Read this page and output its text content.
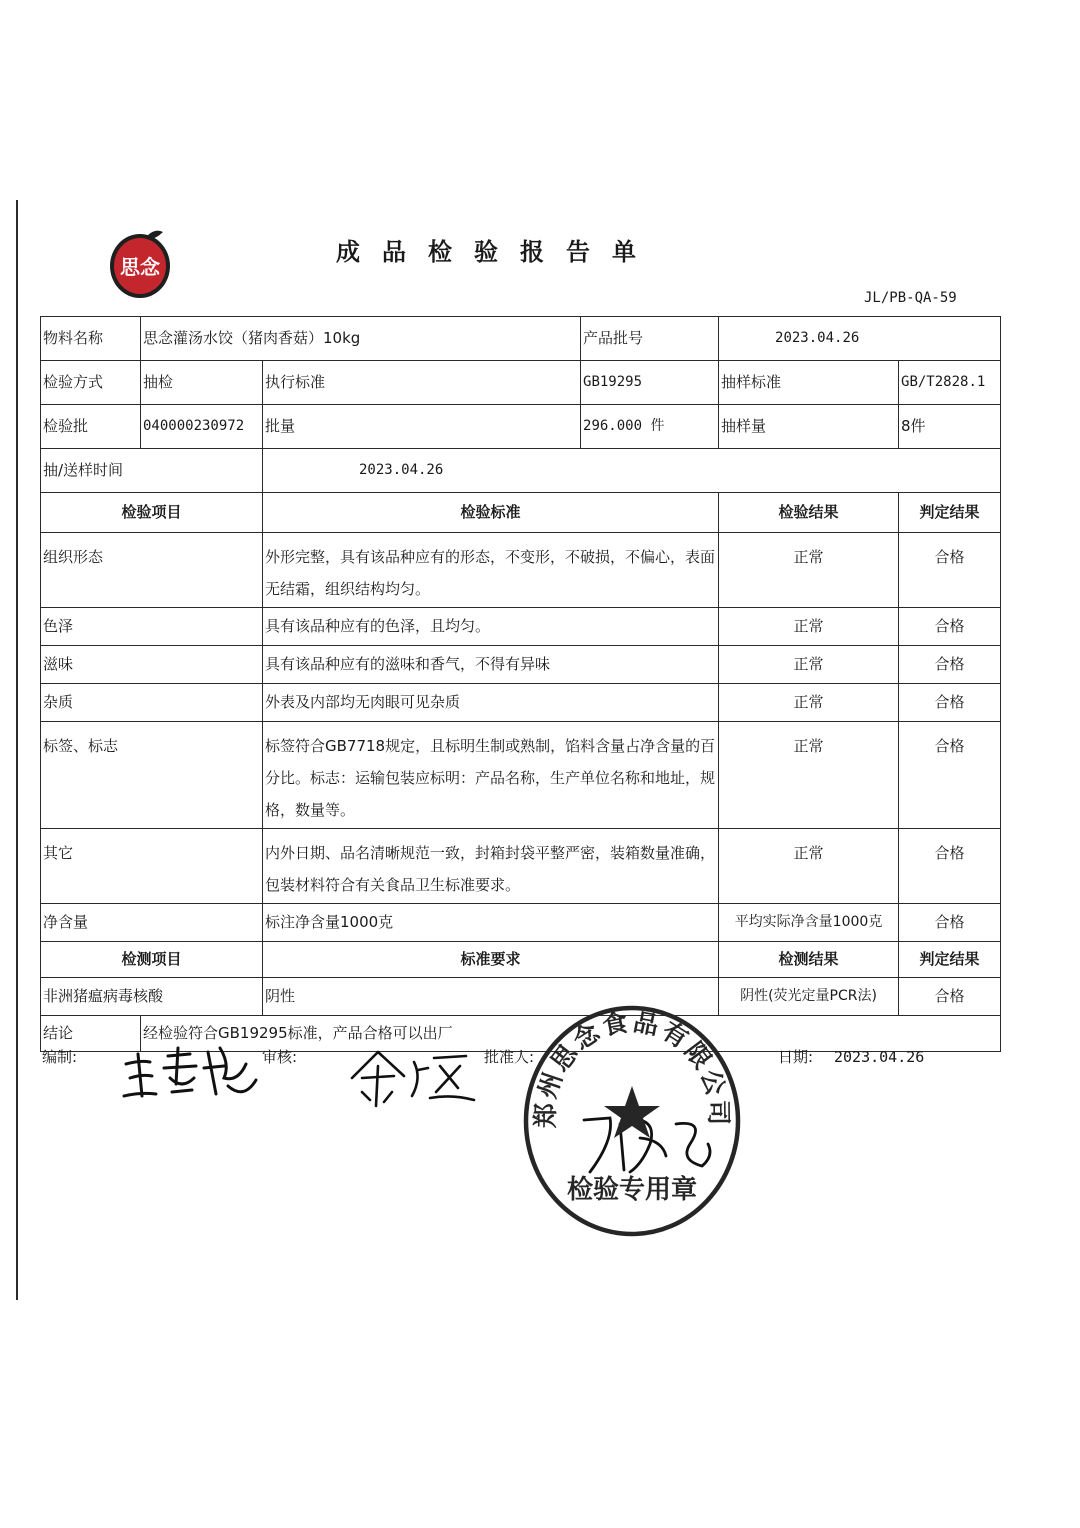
思念
成品检验报告单
JL/PB-QA-59
物料名称	思念灌汤水饺（猪肉香菇）10kg		产品批号	2023.04.26	
检验方式	抽检	执行标准	GB19295	抽样标准	GB/T2828.1
检验批	040000230972	批量	296.000 件	抽样量	8件
抽/送样时间		2023.04.26			
检验项目		检验标准		检验结果	判定结果
组织形态		外形完整，具有该品种应有的形态，不变形，不破损，不偏心，表面无结霜，组织结构均匀。		正常	合格
色泽		具有该品种应有的色泽，且均匀。		正常	合格
滋味		具有该品种应有的滋味和香气，不得有异味		正常	合格
杂质		外表及内部均无肉眼可见杂质		正常	合格
标签、标志		标签符合GB7718规定，且标明生制或熟制，馅料含量占净含量的百分比。标志：运输包装应标明：产品名称，生产单位名称和地址，规格，数量等。		正常	合格
其它		内外日期、品名清晰规范一致，封箱封袋平整严密，装箱数量准确，包装材料符合有关食品卫生标准要求。		正常	合格
净含量		标注净含量1000克		平均实际净含量1000克	合格
检测项目		标准要求		检测结果	判定结果
非洲猪瘟病毒核酸		阴性		阴性(荧光定量PCR法)	合格
结论	经检验符合GB19295标准，产品合格可以出厂				
编制:	审核:	批准人:	日期: 2023.04.26
郑州思念食品有限公司
检验专用章
